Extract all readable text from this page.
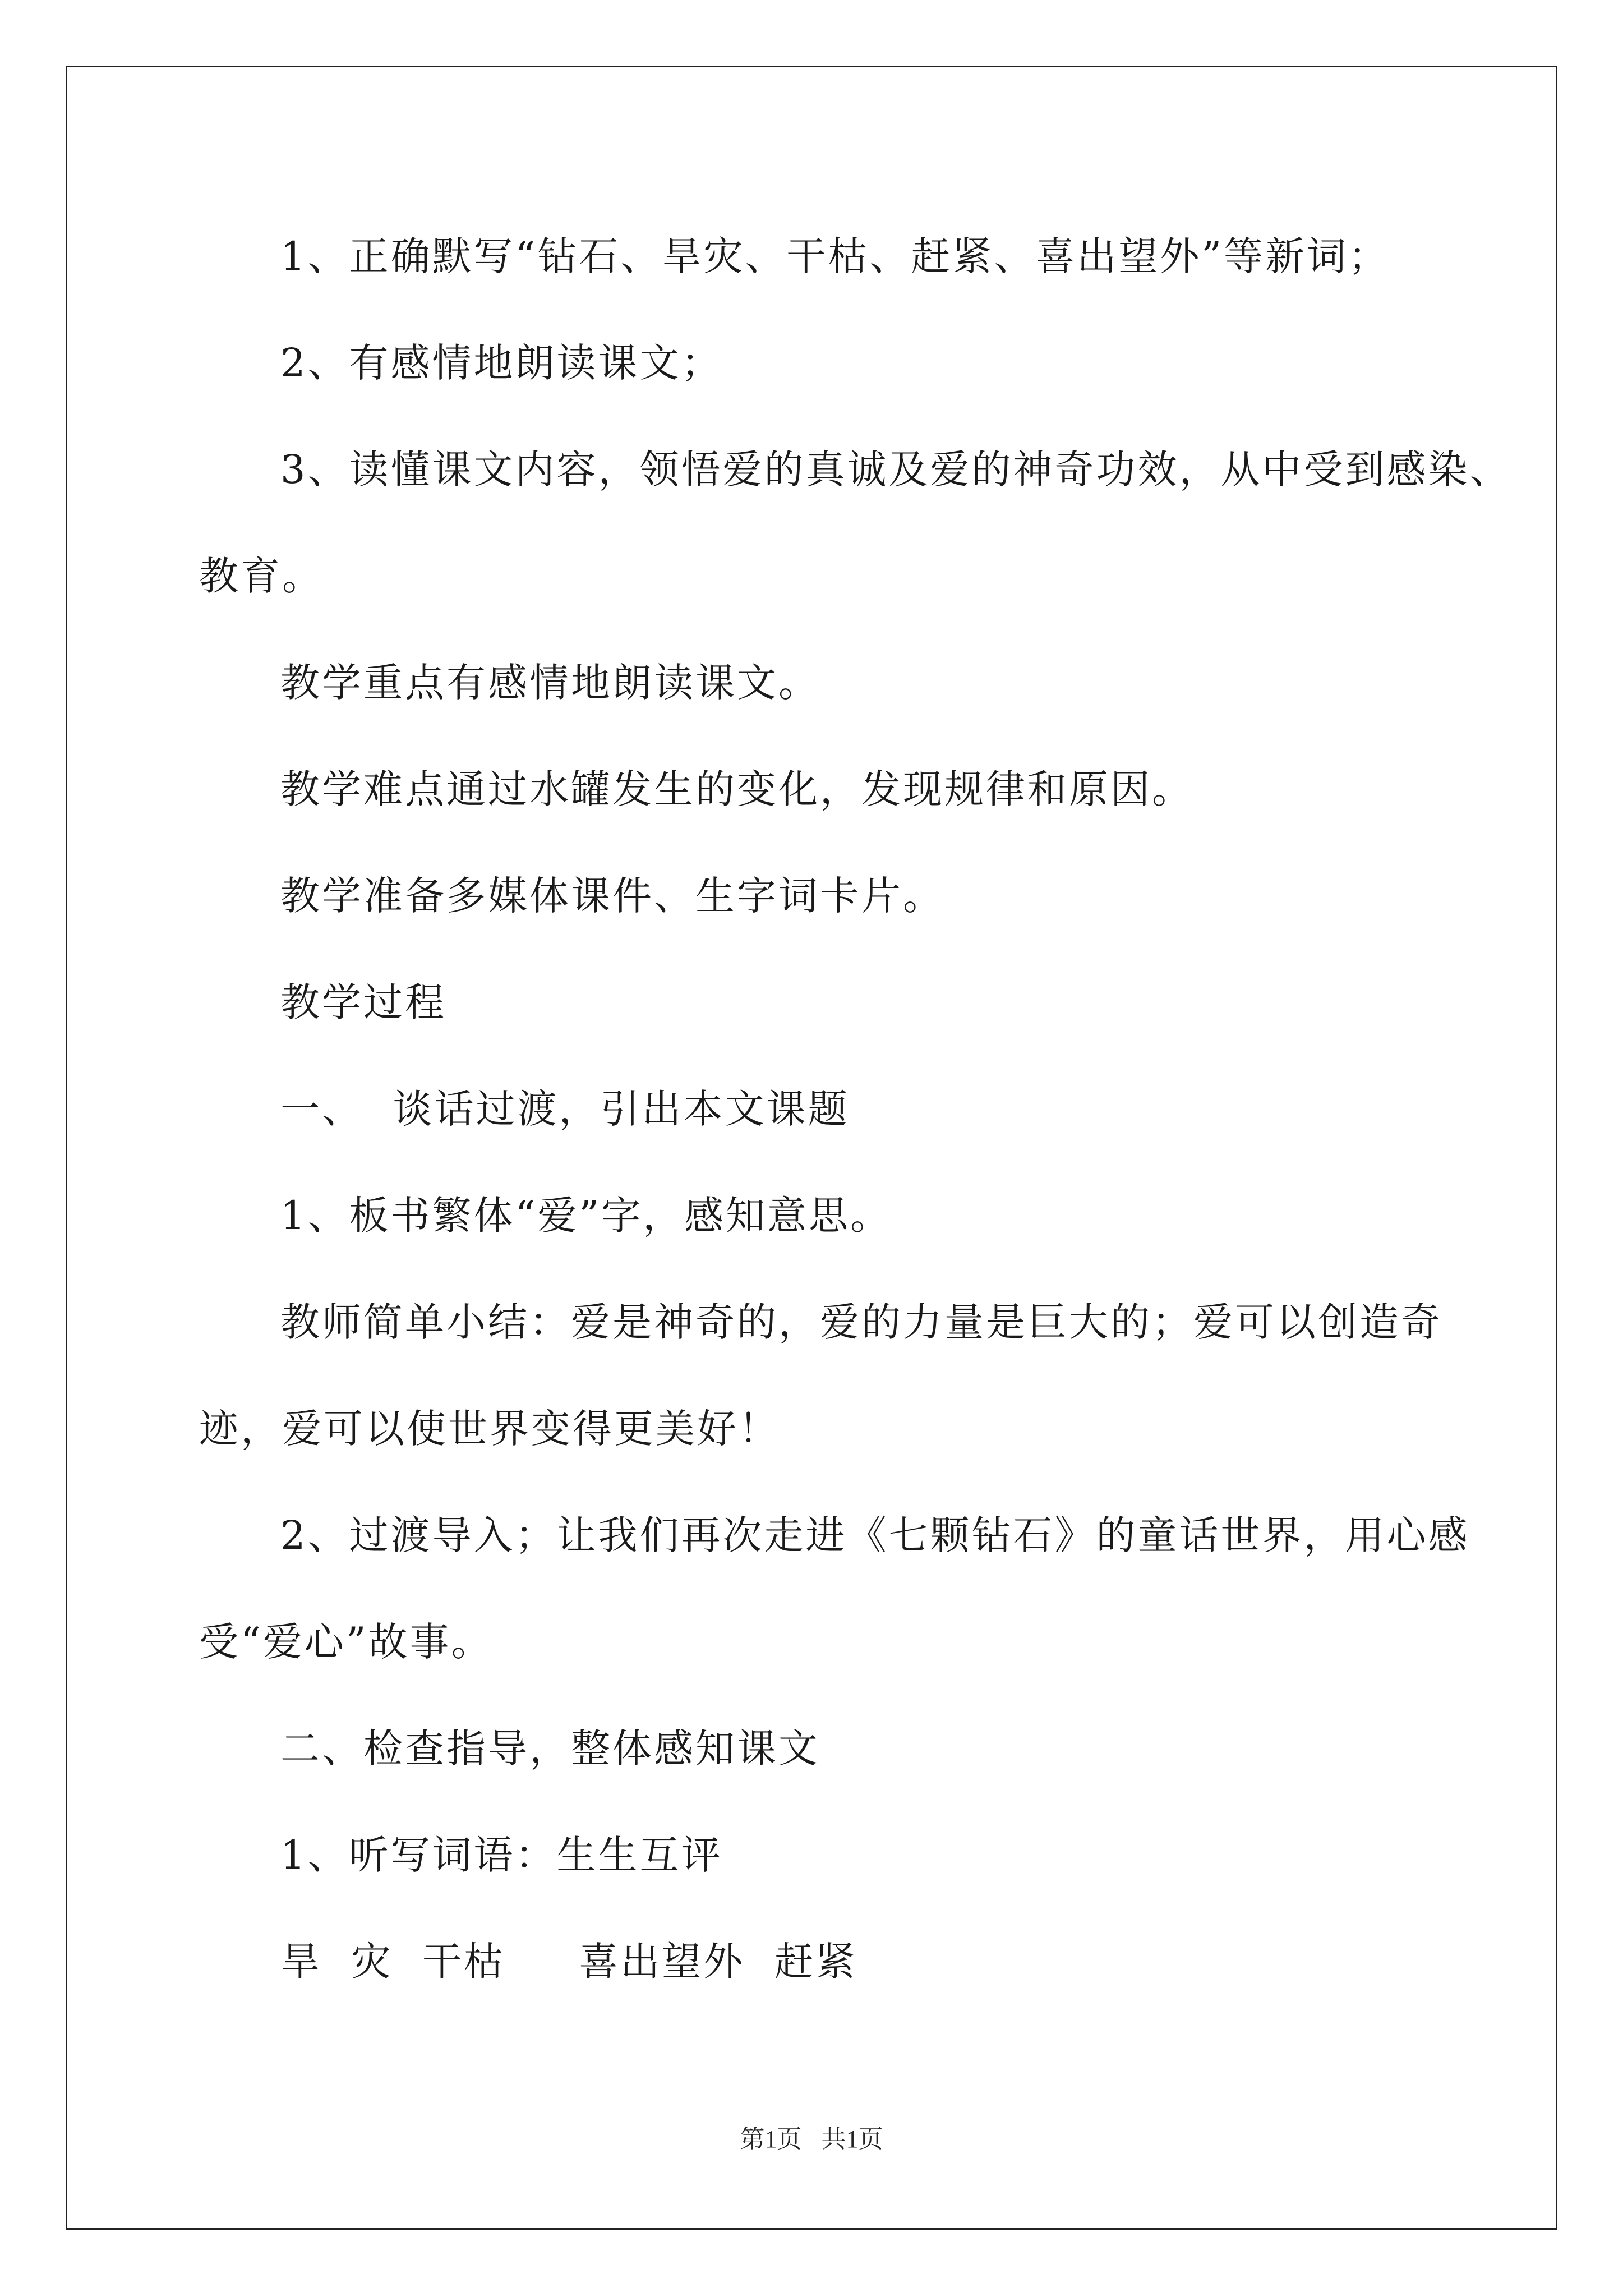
1、正确默写“钻石、旱灾、干枯、赶紧、喜出望外”等新词；
2、有感情地朗读课文；
3、读懂课文内容，领悟爱的真诚及爱的神奇功效，从中受到感染、
教育。
教学重点有感情地朗读课文。
教学难点通过水罐发生的变化，发现规律和原因。
教学准备多媒体课件、生字词卡片。
教学过程
一、  谈话过渡，引出本文课题
1、板书繁体“爱”字，感知意思。
教师简单小结：爱是神奇的，爱的力量是巨大的；爱可以创造奇
迹，爱可以使世界变得更美好！
2、过渡导入；让我们再次走进《七颗钻石》的童话世界，用心感
受“爱心”故事。
二、检查指导，整体感知课文
1、听写词语：生生互评
旱  灾  干枯     喜出望外  赶紧
第1页 共1页
